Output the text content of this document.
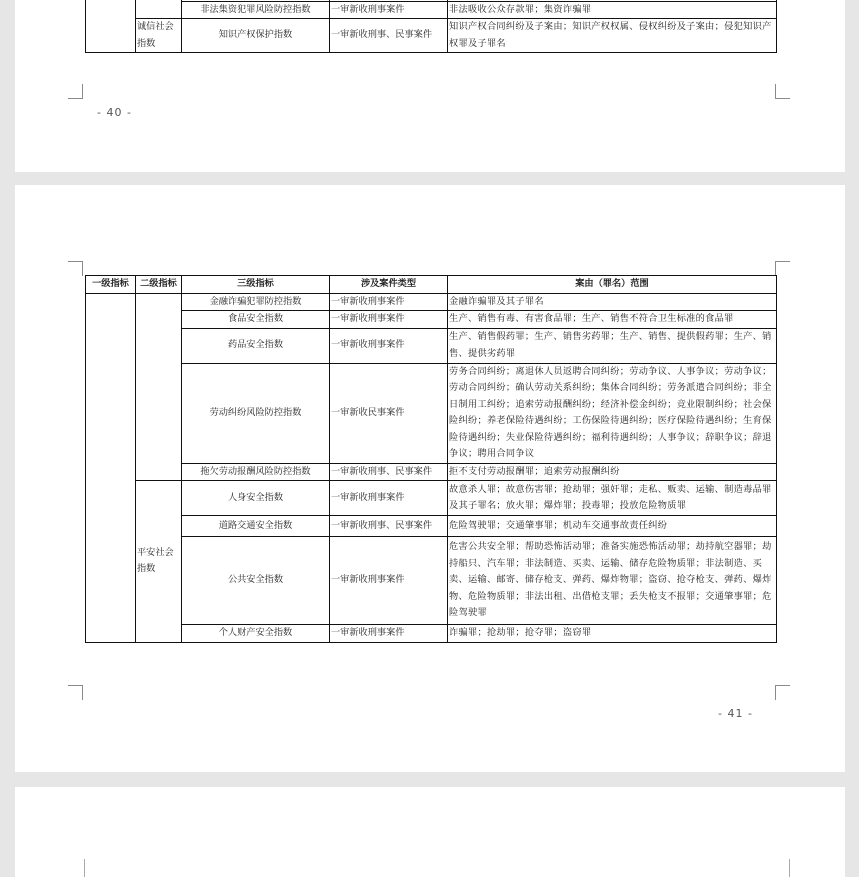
		非法集资犯罪风险防控指数	一审新收刑事案件	非法吸收公众存款罪；集资诈骗罪
	诚信社会指数	知识产权保护指数	一审新收刑事、民事案件	知识产权合同纠纷及子案由；知识产权权属、侵权纠纷及子案由；侵犯知识产权罪及子罪名
- 40 -
一级指标	二级指标	三级指标	涉及案件类型	案由（罪名）范围
		金融诈骗犯罪防控指数	一审新收刑事案件	金融诈骗罪及其子罪名
		食品安全指数	一审新收刑事案件	生产、销售有毒、有害食品罪；生产、销售不符合卫生标准的食品罪
		药品安全指数	一审新收刑事案件	生产、销售假药罪；生产、销售劣药罪；生产、销售、提供假药罪；生产、销售、提供劣药罪
		劳动纠纷风险防控指数	一审新收民事案件	劳务合同纠纷；离退休人员返聘合同纠纷；劳动争议、人事争议；劳动争议；劳动合同纠纷；确认劳动关系纠纷；集体合同纠纷；劳务派遣合同纠纷；非全日制用工纠纷；追索劳动报酬纠纷；经济补偿金纠纷；竞业限制纠纷；社会保险纠纷；养老保险待遇纠纷；工伤保险待遇纠纷；医疗保险待遇纠纷；生育保险待遇纠纷；失业保险待遇纠纷；福利待遇纠纷；人事争议；辞职争议；辞退争议；聘用合同争议
		拖欠劳动报酬风险防控指数	一审新收刑事、民事案件	拒不支付劳动报酬罪；追索劳动报酬纠纷
	平安社会指数	人身安全指数	一审新收刑事案件	故意杀人罪；故意伤害罪；抢劫罪；强奸罪；走私、贩卖、运输、制造毒品罪及其子罪名；放火罪；爆炸罪；投毒罪；投放危险物质罪
		道路交通安全指数	一审新收刑事、民事案件	危险驾驶罪；交通肇事罪；机动车交通事故责任纠纷
		公共安全指数	一审新收刑事案件	危害公共安全罪；帮助恐怖活动罪；准备实施恐怖活动罪；劫持航空器罪；劫持船只、汽车罪；非法制造、买卖、运输、储存危险物质罪；非法制造、买卖、运输、邮寄、储存枪支、弹药、爆炸物罪；盗窃、抢夺枪支、弹药、爆炸物、危险物质罪；非法出租、出借枪支罪；丢失枪支不报罪；交通肇事罪；危险驾驶罪
		个人财产安全指数	一审新收刑事案件	诈骗罪；抢劫罪；抢夺罪；盗窃罪
- 41 -
